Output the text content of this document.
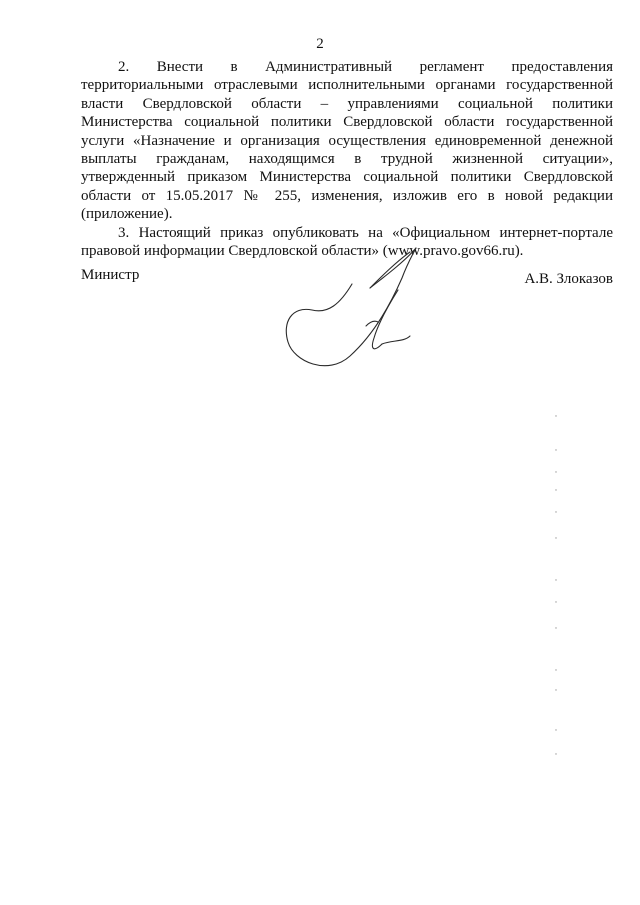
2

2. Внести в Административный регламент предоставления территориальными отраслевыми исполнительными органами государственной власти Свердловской области – управлениями социальной политики Министерства социальной политики Свердловской области государственной услуги «Назначение и организация осуществления единовременной денежной выплаты гражданам, находящимся в трудной жизненной ситуации», утвержденный приказом Министерства социальной политики Свердловской области от 15.05.2017 № 255, изменения, изложив его в новой редакции (приложение).

3. Настоящий приказ опубликовать на «Официальном интернет-портале правовой информации Свердловской области» (www.pravo.gov66.ru).

Министр	А.В. Злоказов
